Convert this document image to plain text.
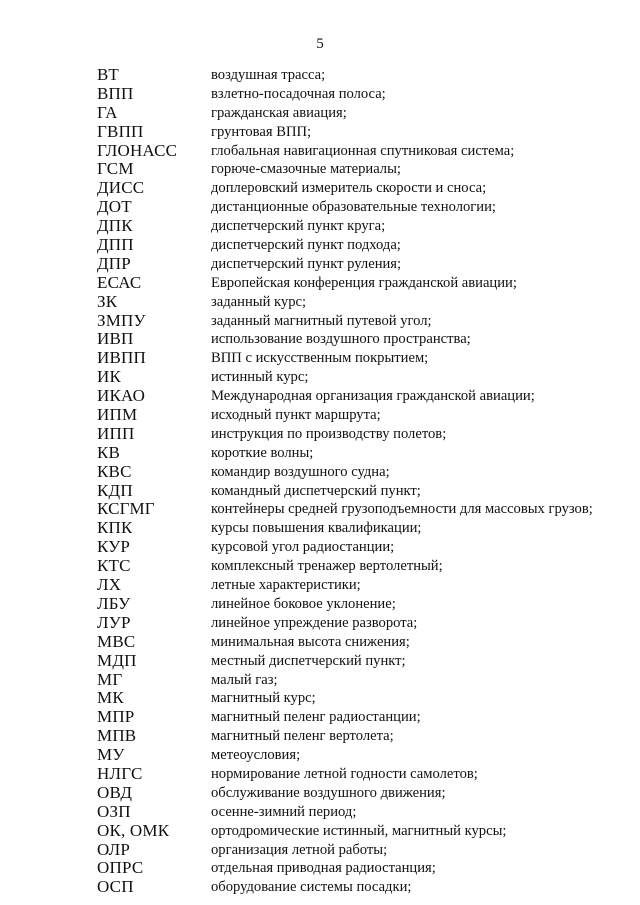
5
ВТ	воздушная трасса;
ВПП	взлетно-посадочная полоса;
ГА	гражданская авиация;
ГВПП	грунтовая ВПП;
ГЛОНАСС	глобальная навигационная спутниковая система;
ГСМ	горюче-смазочные материалы;
ДИСС	доплеровский измеритель скорости и сноса;
ДОТ	дистанционные образовательные технологии;
ДПК	диспетчерский пункт круга;
ДПП	диспетчерский пункт подхода;
ДПР	диспетчерский пункт руления;
ЕСАС	Европейская конференция гражданской авиации;
ЗК	заданный курс;
ЗМПУ	заданный магнитный путевой угол;
ИВП	использование воздушного пространства;
ИВПП	ВПП с искусственным покрытием;
ИК	истинный курс;
ИКАО	Международная организация гражданской авиации;
ИПМ	исходный пункт маршрута;
ИПП	инструкция по производству полетов;
КВ	короткие волны;
КВС	командир воздушного судна;
КДП	командный диспетчерский пункт;
КСГМГ	контейнеры средней грузоподъемности для массовых грузов;
КПК	курсы повышения квалификации;
КУР	курсовой угол радиостанции;
КТС	комплексный тренажер вертолетный;
ЛХ	летные характеристики;
ЛБУ	линейное боковое уклонение;
ЛУР	линейное упреждение разворота;
МВС	минимальная высота снижения;
МДП	местный диспетчерский пункт;
МГ	малый газ;
МК	магнитный курс;
МПР	магнитный пеленг радиостанции;
МПВ	магнитный пеленг вертолета;
МУ	метеоусловия;
НЛГС	нормирование летной годности самолетов;
ОВД	обслуживание воздушного движения;
ОЗП	осенне-зимний период;
ОК, ОМК	ортодромические истинный, магнитный курсы;
ОЛР	организация летной работы;
ОПРС	отдельная приводная радиостанция;
ОСП	оборудование системы посадки;
